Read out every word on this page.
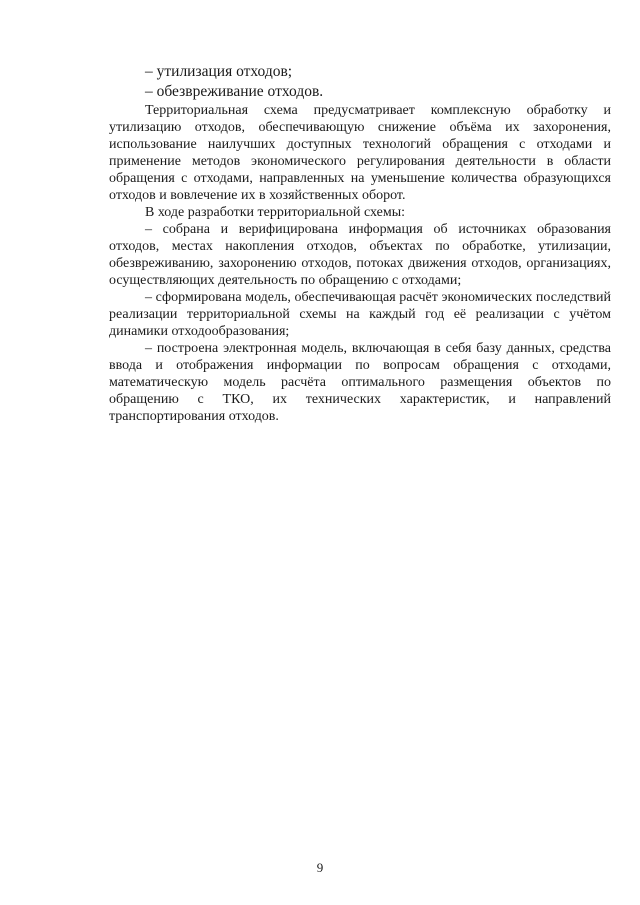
– утилизация отходов;

– обезвреживание отходов.

Территориальная схема предусматривает комплексную обработку и утилизацию отходов, обеспечивающую снижение объёма их захоронения, использование наилучших доступных технологий обращения с отходами и применение методов экономического регулирования деятельности в области обращения с отходами, направленных на уменьшение количества образующихся отходов и вовлечение их в хозяйственных оборот.

В ходе разработки территориальной схемы:

– собрана и верифицирована информация об источниках образования отходов, местах накопления отходов, объектах по обработке, утилизации, обезвреживанию, захоронению отходов, потоках движения отходов, организациях, осуществляющих деятельность по обращению с отходами;

– сформирована модель, обеспечивающая расчёт экономических последствий реализации территориальной схемы на каждый год её реализации с учётом динамики отходообразования;

– построена электронная модель, включающая в себя базу данных, средства ввода и отображения информации по вопросам обращения с отходами, математическую модель расчёта оптимального размещения объектов по обращению с ТКО, их технических характеристик, и направлений транспортирования отходов.

9
